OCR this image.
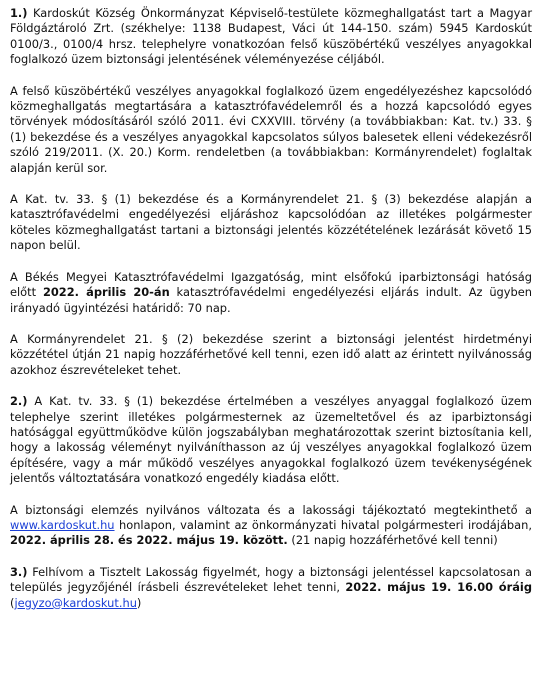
1.) Kardoskút Község Önkormányzat Képviselő-testülete közmeghallgatást tart a Magyar Földgáztároló Zrt. (székhelye: 1138 Budapest, Váci út 144-150. szám) 5945 Kardoskút 0100/3., 0100/4 hrsz. telephelyre vonatkozóan felső küszöbértékű veszélyes anyagokkal foglalkozó üzem biztonsági jelentésének véleményezése céljából.

A felső küszöbértékű veszélyes anyagokkal foglalkozó üzem engedélyezéshez kapcsolódó közmeghallgatás megtartására a katasztrófavédelemről és a hozzá kapcsolódó egyes törvények módosításáról szóló 2011. évi CXXVIII. törvény (a továbbiakban: Kat. tv.) 33. § (1) bekezdése és a veszélyes anyagokkal kapcsolatos súlyos balesetek elleni védekezésről szóló 219/2011. (X. 20.) Korm. rendeletben (a továbbiakban: Kormányrendelet) foglaltak alapján kerül sor.

A Kat. tv. 33. § (1) bekezdése és a Kormányrendelet 21. § (3) bekezdése alapján a katasztrófavédelmi engedélyezési eljáráshoz kapcsolódóan az illetékes polgármester köteles közmeghallgatást tartani a biztonsági jelentés közzétételének lezárását követő 15 napon belül.

A Békés Megyei Katasztrófavédelmi Igazgatóság, mint elsőfokú iparbiztonsági hatóság előtt 2022. április 20-án katasztrófavédelmi engedélyezési eljárás indult. Az ügyben irányadó ügyintézési határidő: 70 nap.

A Kormányrendelet 21. § (2) bekezdése szerint a biztonsági jelentést hirdetményi közzététel útján 21 napig hozzáférhetővé kell tenni, ezen idő alatt az érintett nyilvánosság azokhoz észrevételeket tehet.

2.) A Kat. tv. 33. § (1) bekezdése értelmében a veszélyes anyaggal foglalkozó üzem telephelye szerint illetékes polgármesternek az üzemeltetővel és az iparbiztonsági hatósággal együttműködve külön jogszabályban meghatározottak szerint biztosítania kell, hogy a lakosság véleményt nyilváníthasson az új veszélyes anyagokkal foglalkozó üzem építésére, vagy a már működő veszélyes anyagokkal foglalkozó üzem tevékenységének jelentős változtatására vonatkozó engedély kiadása előtt.

A biztonsági elemzés nyilvános változata és a lakossági tájékoztató megtekinthető a www.kardoskut.hu honlapon, valamint az önkormányzati hivatal polgármesteri irodájában, 2022. április 28. és 2022. május 19. között. (21 napig hozzáférhetővé kell tenni)

3.) Felhívom a Tisztelt Lakosság figyelmét, hogy a biztonsági jelentéssel kapcsolatosan a település jegyzőjénél írásbeli észrevételeket lehet tenni, 2022. május 19. 16.00 óráig (jegyzo@kardoskut.hu)
